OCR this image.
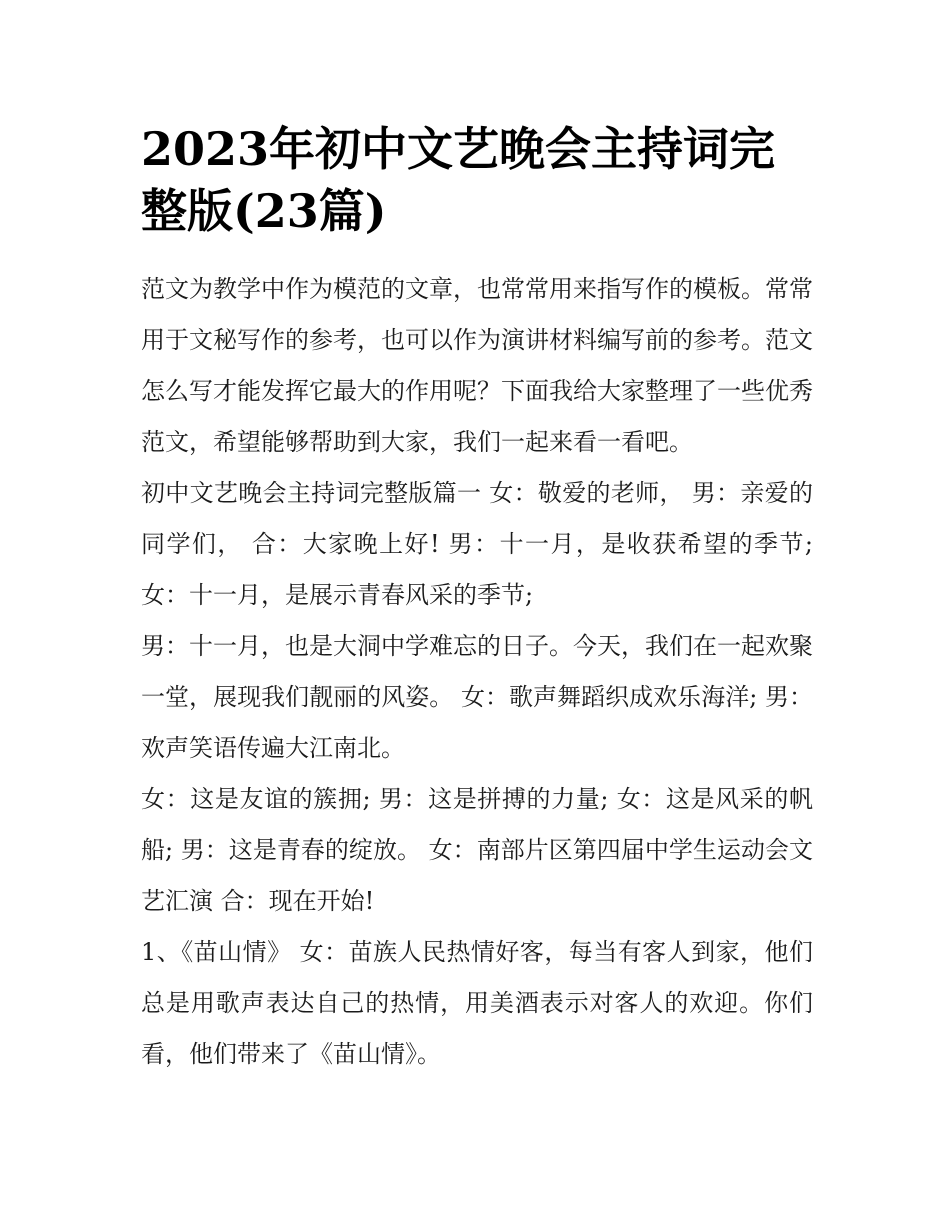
2023年初中文艺晚会主持词完整版(23篇)

范文为教学中作为模范的文章，也常常用来指写作的模板。常常用于文秘写作的参考，也可以作为演讲材料编写前的参考。范文怎么写才能发挥它最大的作用呢？下面我给大家整理了一些优秀范文，希望能够帮助到大家，我们一起来看一看吧。

初中文艺晚会主持词完整版篇一 女：敬爱的老师， 男：亲爱的同学们， 合：大家晚上好! 男：十一月，是收获希望的季节; 女：十一月，是展示青春风采的季节;

男：十一月，也是大洞中学难忘的日子。今天，我们在一起欢聚一堂，展现我们靓丽的风姿。 女：歌声舞蹈织成欢乐海洋; 男：欢声笑语传遍大江南北。

女：这是友谊的簇拥; 男：这是拼搏的力量; 女：这是风采的帆船; 男：这是青春的绽放。 女：南部片区第四届中学生运动会文艺汇演 合：现在开始!

1、《苗山情》 女：苗族人民热情好客，每当有客人到家，他们总是用歌声表达自己的热情，用美酒表示对客人的欢迎。你们看，他们带来了《苗山情》。
